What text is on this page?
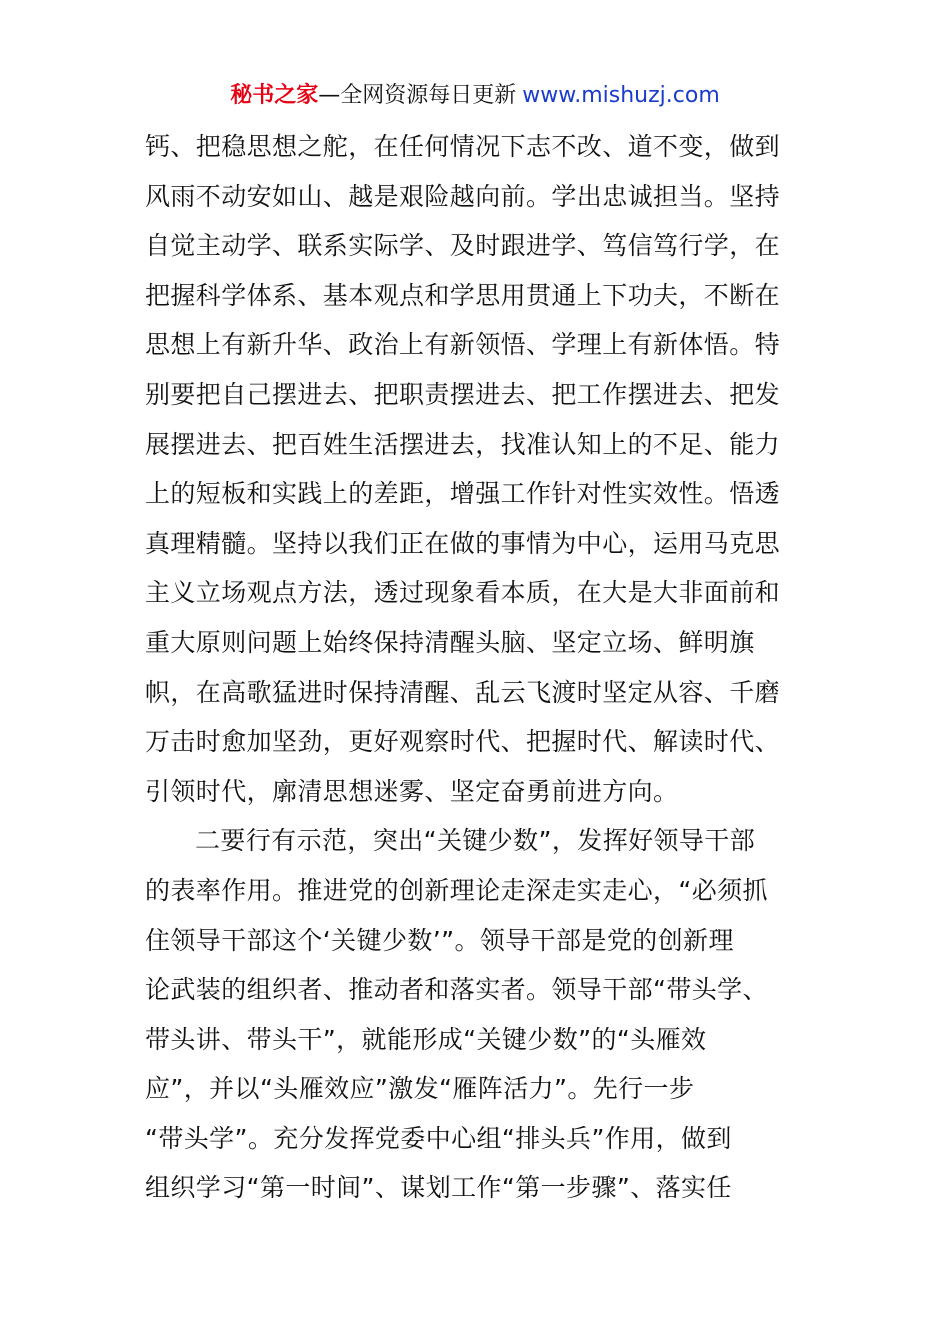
秘书之家—全网资源每日更新 www.mishuzj.com
钙、把稳思想之舵，在任何情况下志不改、道不变，做到
风雨不动安如山、越是艰险越向前。学出忠诚担当。坚持
自觉主动学、联系实际学、及时跟进学、笃信笃行学，在
把握科学体系、基本观点和学思用贯通上下功夫，不断在
思想上有新升华、政治上有新领悟、学理上有新体悟。特
别要把自己摆进去、把职责摆进去、把工作摆进去、把发
展摆进去、把百姓生活摆进去，找准认知上的不足、能力
上的短板和实践上的差距，增强工作针对性实效性。悟透
真理精髓。坚持以我们正在做的事情为中心，运用马克思
主义立场观点方法，透过现象看本质，在大是大非面前和
重大原则问题上始终保持清醒头脑、坚定立场、鲜明旗
帜，在高歌猛进时保持清醒、乱云飞渡时坚定从容、千磨
万击时愈加坚劲，更好观察时代、把握时代、解读时代、
引领时代，廓清思想迷雾、坚定奋勇前进方向。
二要行有示范，突出“关键少数”，发挥好领导干部
的表率作用。推进党的创新理论走深走实走心，“必须抓
住领导干部这个‘关键少数’”。领导干部是党的创新理
论武装的组织者、推动者和落实者。领导干部“带头学、
带头讲、带头干”，就能形成“关键少数”的“头雁效
应”，并以“头雁效应”激发“雁阵活力”。先行一步
“带头学”。充分发挥党委中心组“排头兵”作用，做到
组织学习“第一时间”、谋划工作“第一步骤”、落实任
